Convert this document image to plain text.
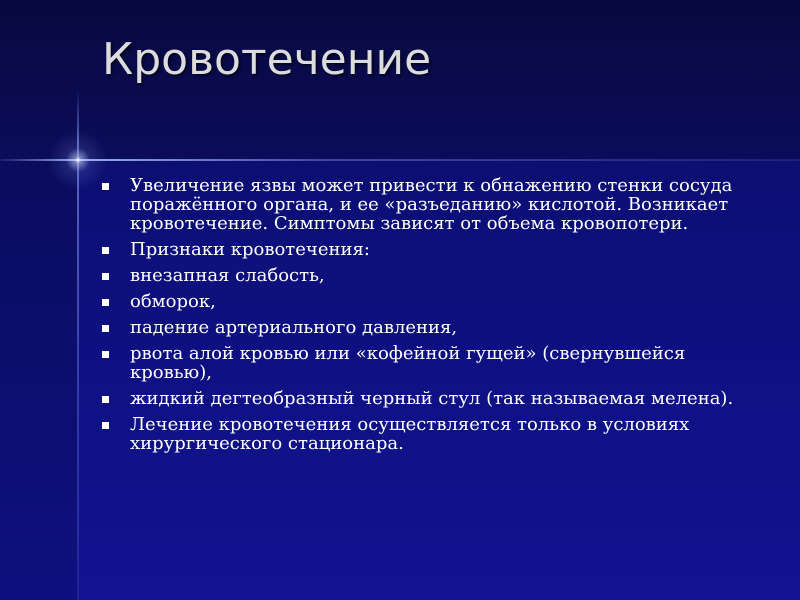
Кровотечение
Увеличение язвы может привести к обнажению стенки сосуда поражённого органа, и ее «разъеданию» кислотой. Возникает кровотечение. Симптомы зависят от объема кровопотери.
Признаки кровотечения:
внезапная слабость,
обморок,
падение артериального давления,
рвота алой кровью или «кофейной гущей» (свернувшейся кровью),
жидкий дегтеобразный черный стул (так называемая мелена).
Лечение кровотечения осуществляется только в условиях хирургического стационара.
